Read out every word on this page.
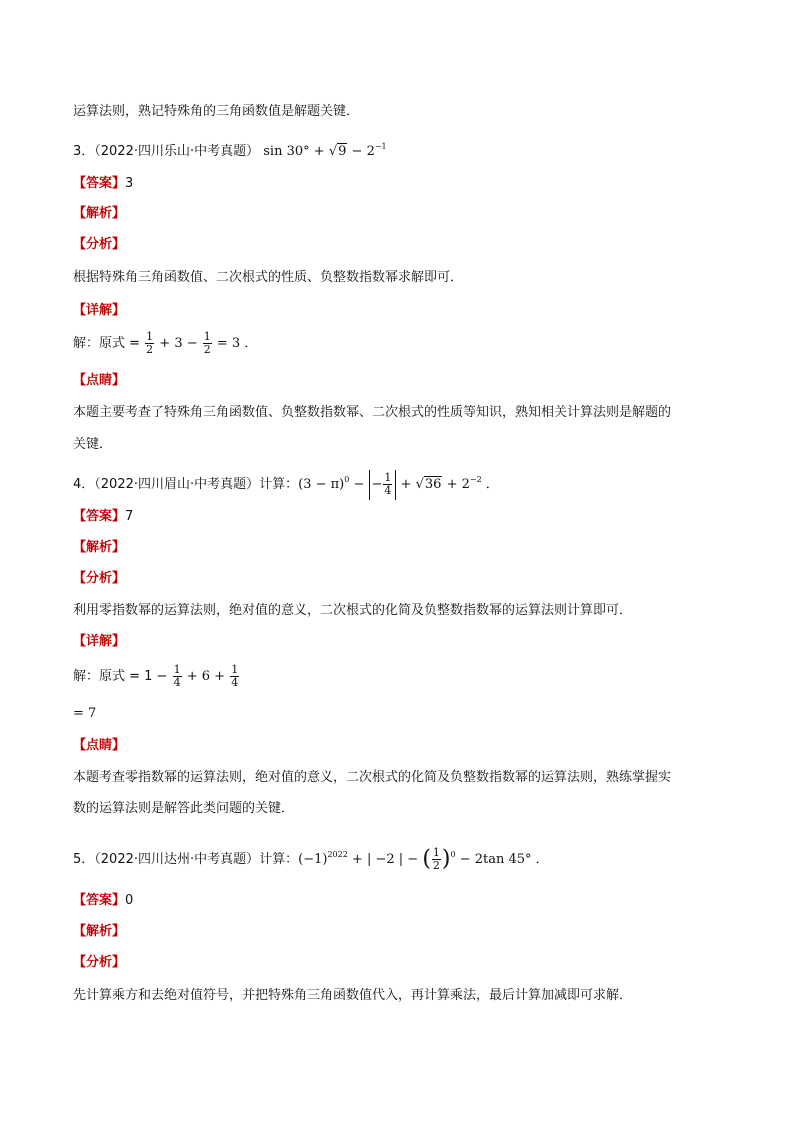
运算法则，熟记特殊角的三角函数值是解题关键．
3．（2022·四川乐山·中考真题） $\sin 30^\circ + √9 - 2^{-1}$
【答案】3
【解析】
【分析】
根据特殊角三角函数值、二次根式的性质、负整数指数幂求解即可．
【详解】
解：原式 = $\frac{1}{2} + 3 - \frac{1}{2} = 3$ ．
【点睛】
本题主要考查了特殊角三角函数值、负整数指数幂、二次根式的性质等知识，熟知相关计算法则是解题的
关键．
4．（2022·四川眉山·中考真题）计算：$(3 - \pi)^0$ − − $\frac{1}{4} + √36 + 2^{-2}$ ．
【答案】7
【解析】
【分析】
利用零指数幂的运算法则，绝对值的意义，二次根式的化简及负整数指数幂的运算法则计算即可．
【详解】
解：原式 = $1 - \frac{1}{4} + 6 + \frac{1}{4}$
= 7
【点睛】
本题考查零指数幂的运算法则，绝对值的意义，二次根式的化简及负整数指数幂的运算法则，熟练掌握实
数的运算法则是解答此类问题的关键．
5．（2022·四川达州·中考真题）计算：$(-1)^{2022}$ + | −2 | − ( $\frac{1}{2} )^0 - 2\tan$ 45° ．
【答案】0
【解析】
【分析】
先计算乘方和去绝对值符号，并把特殊角三角函数值代入，再计算乘法，最后计算加减即可求解．
